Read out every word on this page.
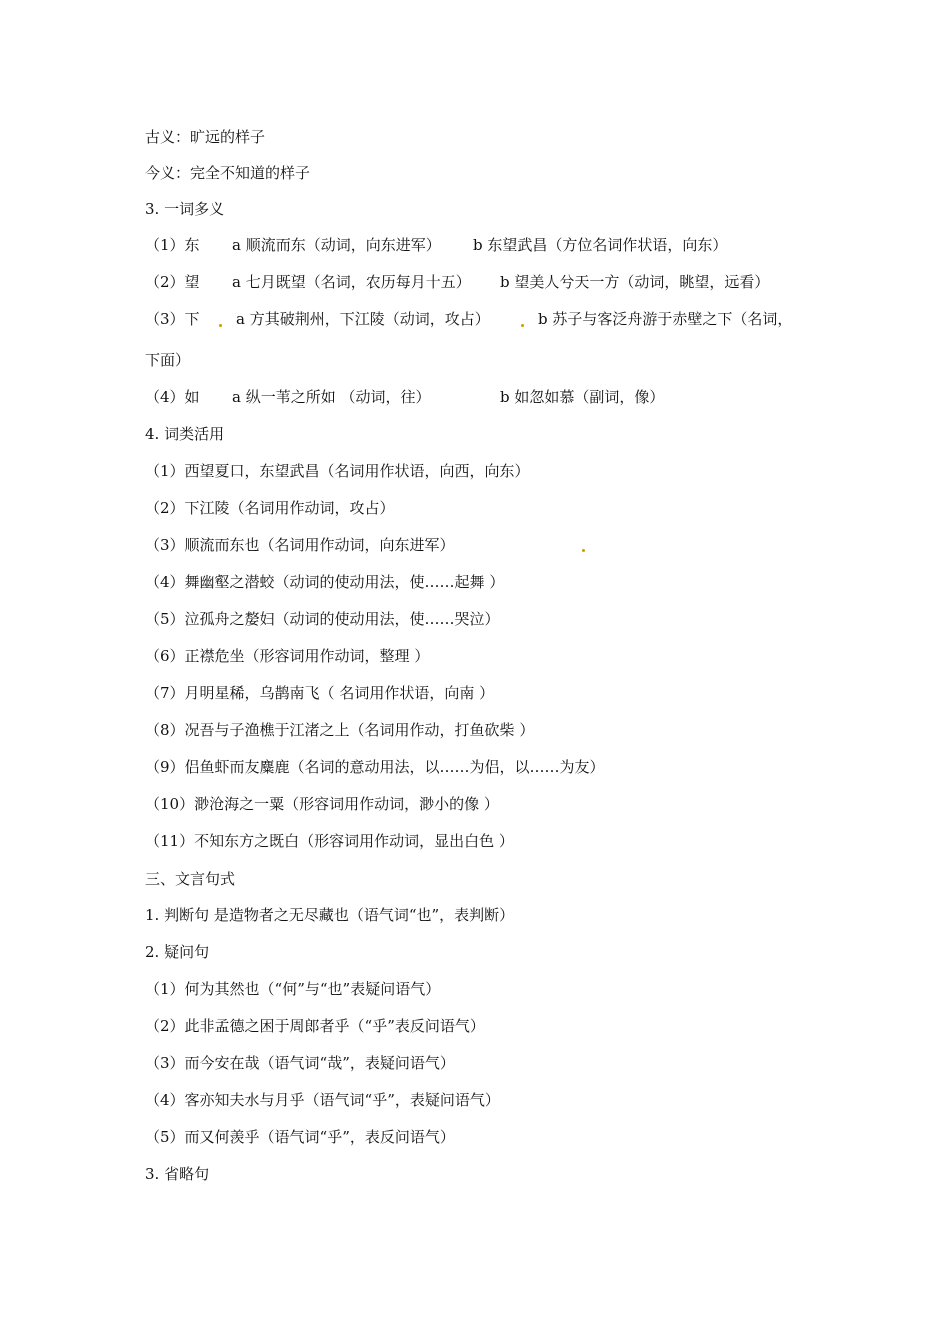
古义：旷远的样子
今义：完全不知道的样子
3. 一词多义
（1）东 a 顺流而东（动词，向东进军） b 东望武昌（方位名词作状语，向东）
（2）望 a 七月既望（名词，农历每月十五） b 望美人兮天一方（动词，眺望，远看）
（3）下 a 方其破荆州，下江陵（动词，攻占）	b 苏子与客泛舟游于赤壁之下（名词，
下面）
（4）如 a 纵一苇之所如 （动词，往）	b 如忽如慕（副词，像）
4. 词类活用
（1）西望夏口，东望武昌（名词用作状语，向西，向东）
（2）下江陵（名词用作动词，攻占）
（3）顺流而东也（名词用作动词，向东进军）
（4）舞幽壑之潜蛟（动词的使动用法，使……起舞 ）
（5）泣孤舟之嫠妇（动词的使动用法，使……哭泣）
（6）正襟危坐（形容词用作动词，整理 ）
（7）月明星稀，乌鹊南飞（ 名词用作状语，向南 ）
（8）况吾与子渔樵于江渚之上（名词用作动，打鱼砍柴 ）
（9）侣鱼虾而友麋鹿（名词的意动用法，以……为侣，以……为友）
（10）渺沧海之一粟（形容词用作动词，渺小的像 ）
（11）不知东方之既白（形容词用作动词，显出白色 ）
三、文言句式
1. 判断句 是造物者之无尽藏也（语气词“也”，表判断）
2. 疑问句
（1）何为其然也（“何”与“也”表疑问语气）
（2）此非孟德之困于周郎者乎（“乎”表反问语气）
（3）而今安在哉（语气词“哉”，表疑问语气）
（4）客亦知夫水与月乎（语气词“乎”，表疑问语气）
（5）而又何羡乎（语气词“乎”，表反问语气）
3. 省略句
